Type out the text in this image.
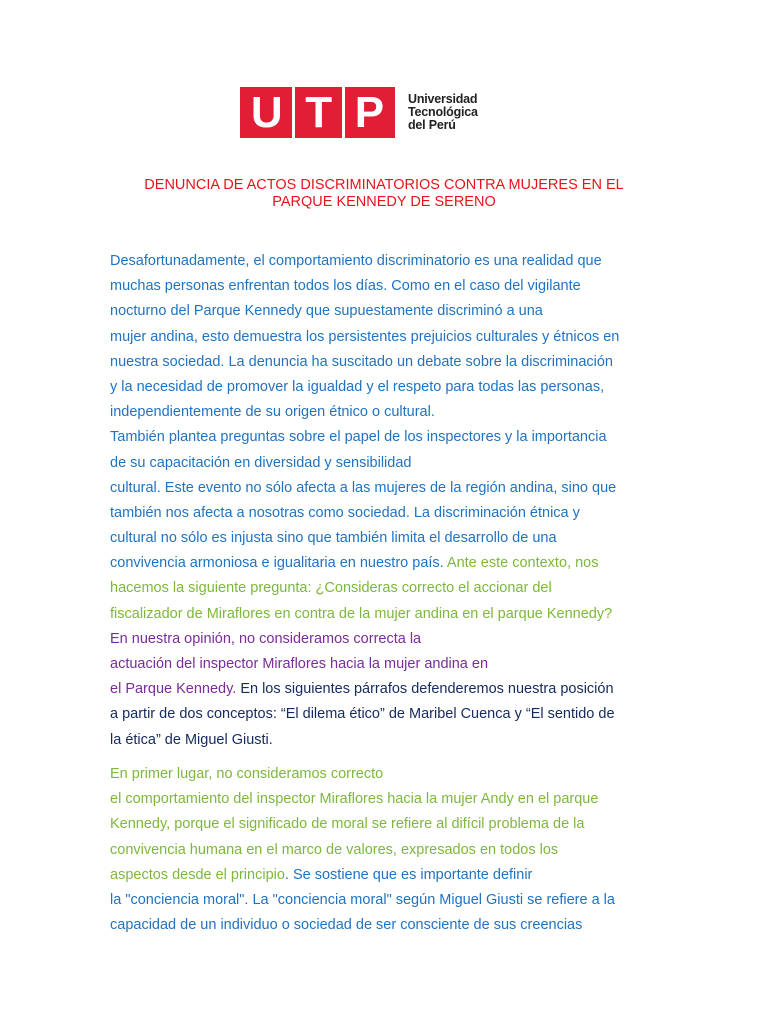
U T P Universidad
Tecnológica
del Perú
DENUNCIA DE ACTOS DISCRIMINATORIOS CONTRA MUJERES EN EL
PARQUE KENNEDY DE SERENO

Desafortunadamente, el comportamiento discriminatorio es una realidad que
muchas personas enfrentan todos los días. Como en el caso del vigilante
nocturno del Parque Kennedy que supuestamente discriminó a una
mujer andina, esto demuestra los persistentes prejuicios culturales y étnicos en
nuestra sociedad. La denuncia ha suscitado un debate sobre la discriminación
y la necesidad de promover la igualdad y el respeto para todas las personas,
independientemente de su origen étnico o cultural.
También plantea preguntas sobre el papel de los inspectores y la importancia
de su capacitación en diversidad y sensibilidad
cultural. Este evento no sólo afecta a las mujeres de la región andina, sino que
también nos afecta a nosotras como sociedad. La discriminación étnica y
cultural no sólo es injusta sino que también limita el desarrollo de una
convivencia armoniosa e igualitaria en nuestro país. Ante este contexto, nos
hacemos la siguiente pregunta: ¿Consideras correcto el accionar del
fiscalizador de Miraflores en contra de la mujer andina en el parque Kennedy?
En nuestra opinión, no consideramos correcta la
actuación del inspector Miraflores hacia la mujer andina en
el Parque Kennedy. En los siguientes párrafos defenderemos nuestra posición
a partir de dos conceptos: “El dilema ético” de Maribel Cuenca y “El sentido de
la ética” de Miguel Giusti.

En primer lugar, no consideramos correcto
el comportamiento del inspector Miraflores hacia la mujer Andy en el parque
Kennedy, porque el significado de moral se refiere al difícil problema de la
convivencia humana en el marco de valores, expresados en todos los
aspectos desde el principio. Se sostiene que es importante definir
la "conciencia moral". La "conciencia moral" según Miguel Giusti se refiere a la
capacidad de un individuo o sociedad de ser consciente de sus creencias
